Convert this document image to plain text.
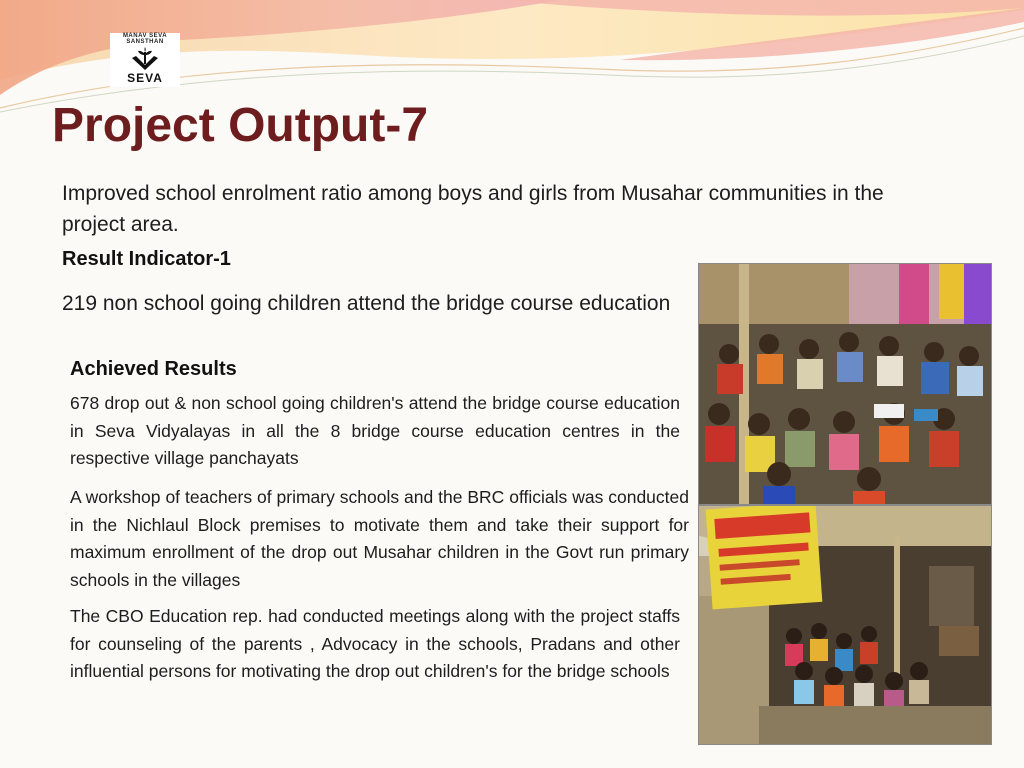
MANAV SEVA SANSTHAN
SEVA
Project Output-7
Improved school enrolment ratio among boys and girls from Musahar communities in the project area.
Result Indicator-1
219 non school going children attend the bridge course education
Achieved Results
678 drop out & non school going children's attend the bridge course education in Seva Vidyalayas in all the 8 bridge course education centres in the respective village panchayats
A workshop of teachers of primary schools and the BRC officials was conducted in the Nichlaul Block premises to motivate them and take their support for maximum enrollment of the drop out Musahar children in the Govt run primary schools in the villages
The CBO Education rep. had conducted meetings along with the project staffs for counseling of the parents , Advocacy in the schools, Pradans and other influential persons for motivating the drop out children's for the bridge schools
